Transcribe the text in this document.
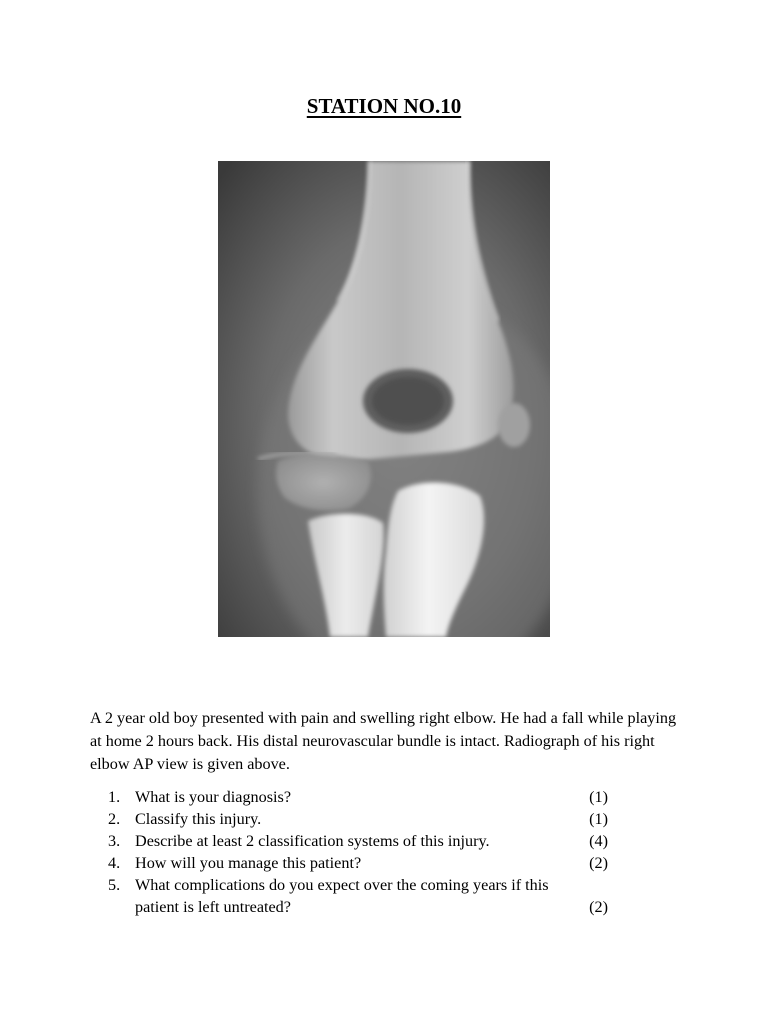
STATION NO.10
A 2 year old boy presented with pain and swelling right elbow. He had a fall while playing at home 2 hours back. His distal neurovascular bundle is intact. Radiograph of his right elbow AP view is given above.
1. What is your diagnosis?	(1)
2. Classify this injury.	(1)
3. Describe at least 2 classification systems of this injury.	(4)
4. How will you manage this patient?	(2)
5. What complications do you expect over the coming years if this patient is left untreated?	(2)
